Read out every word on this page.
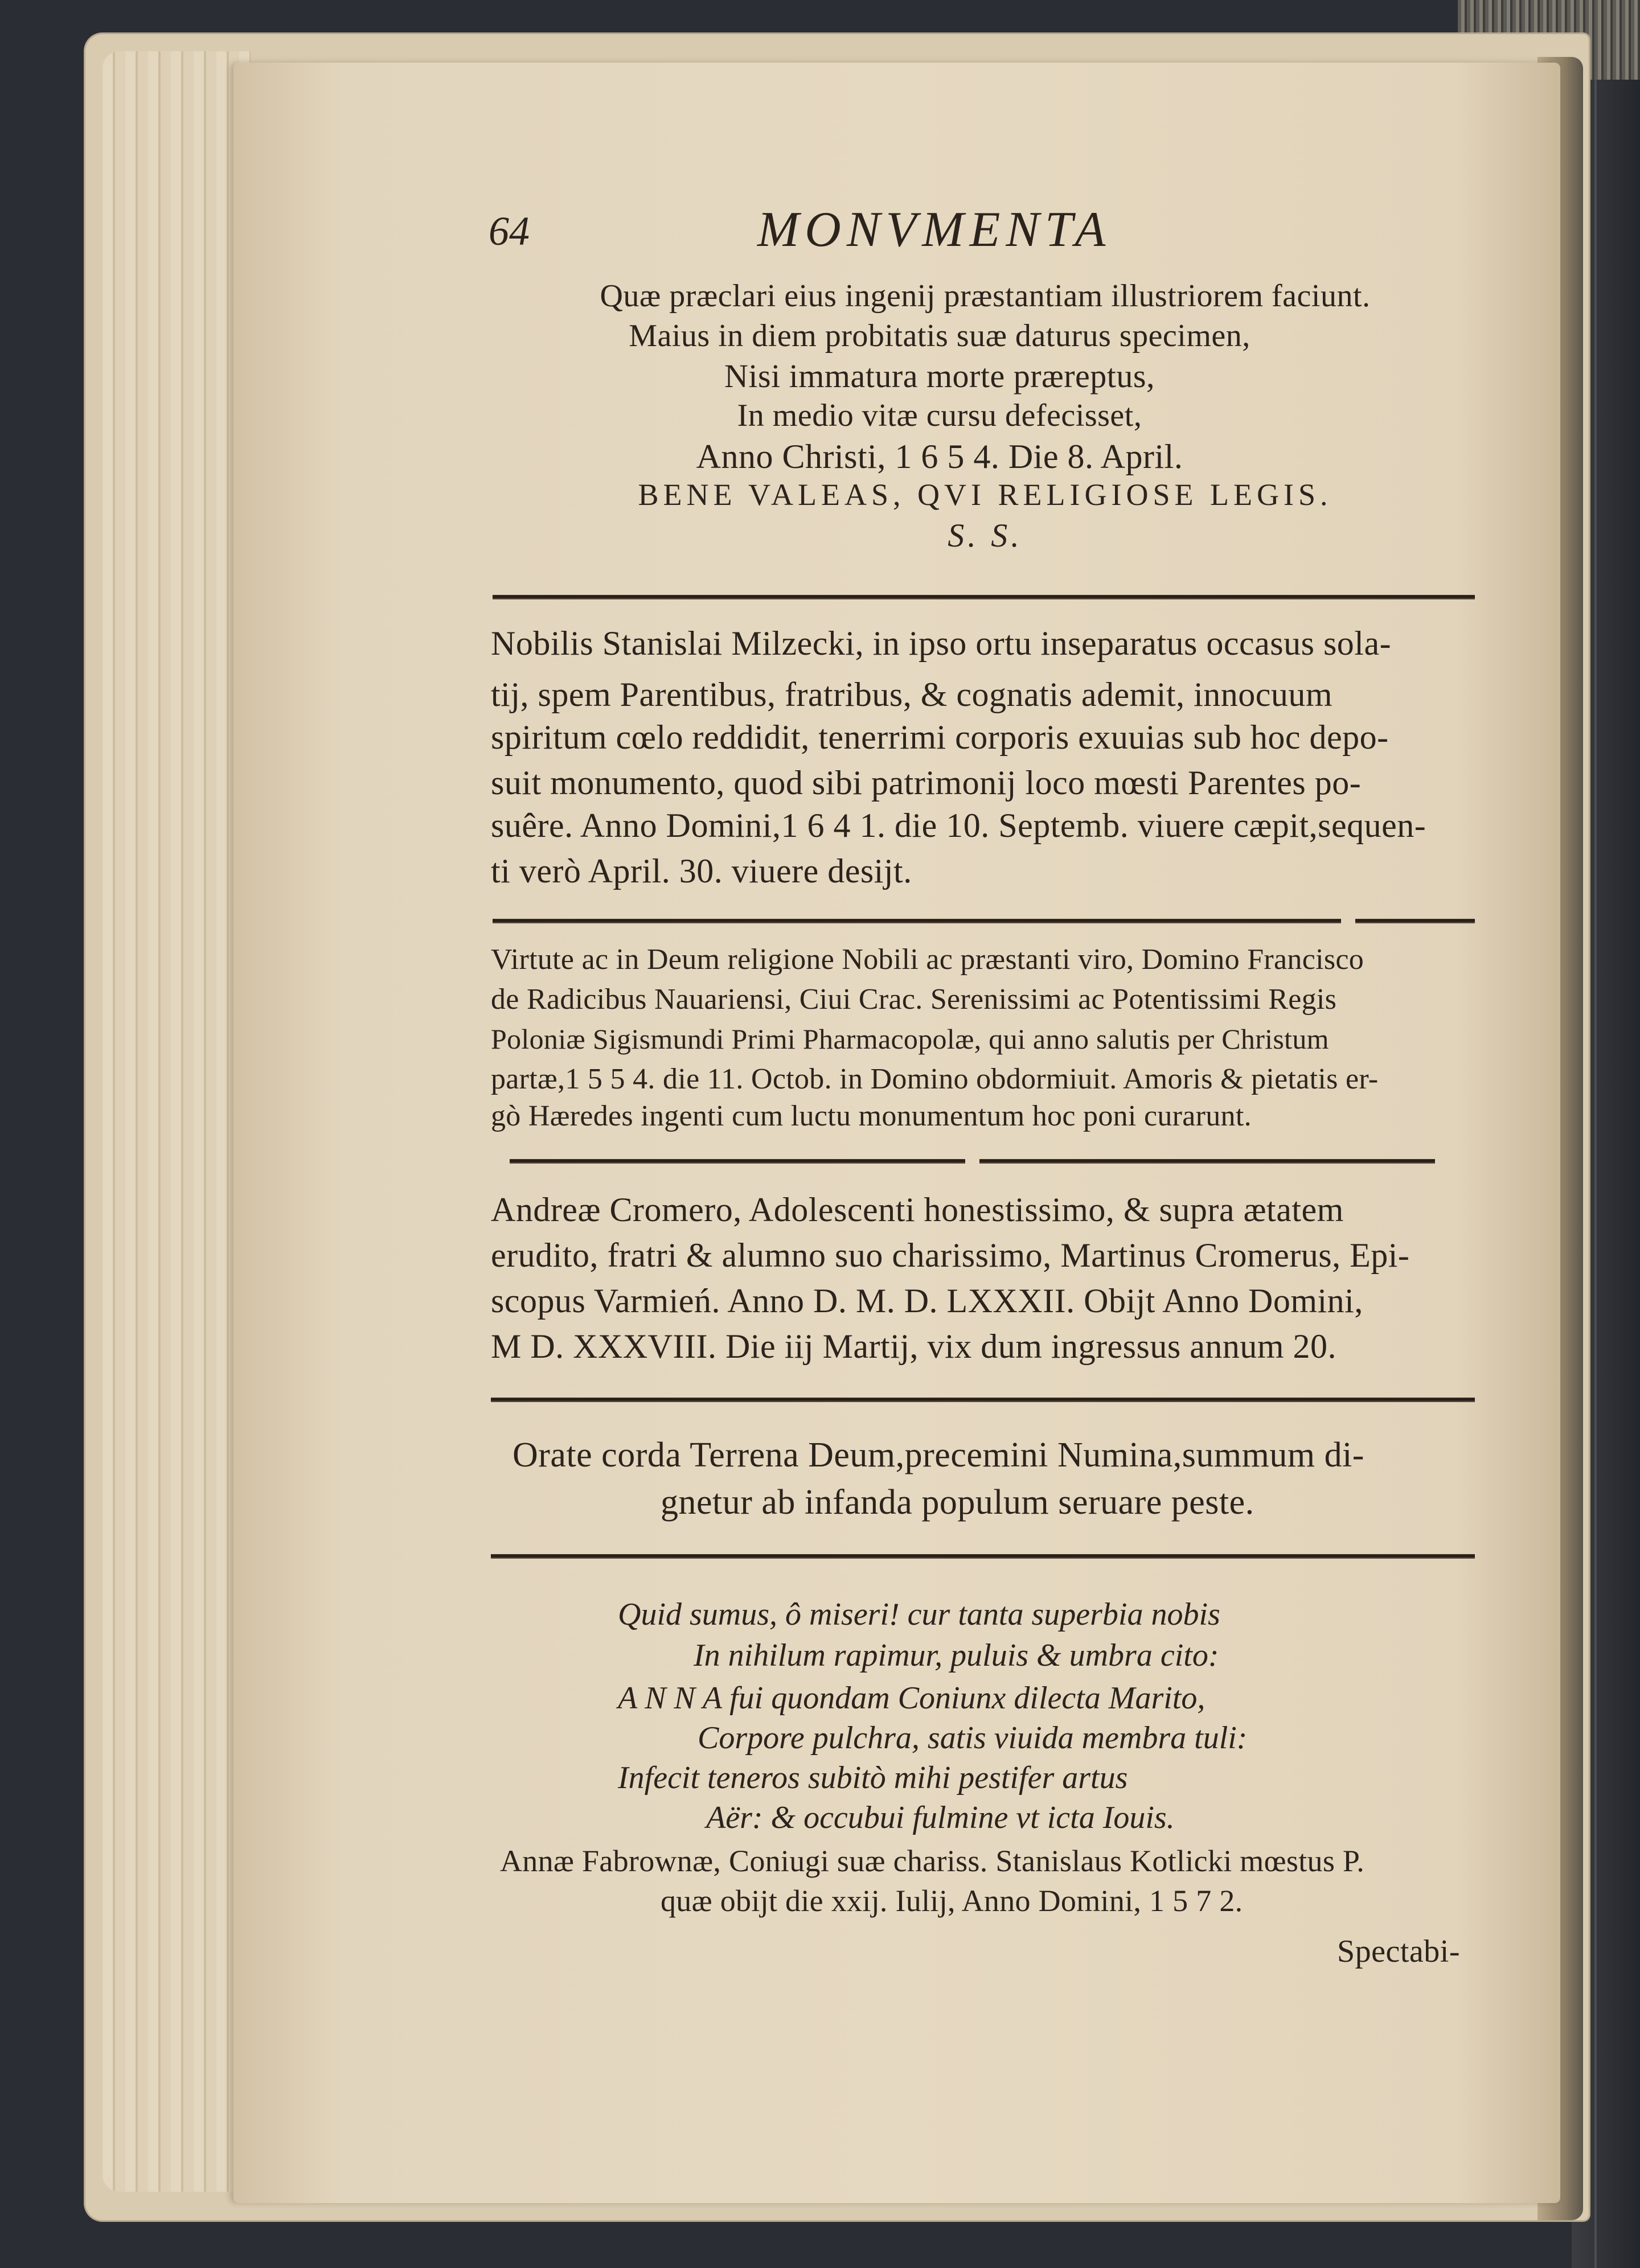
64	MONVMENTA
Quæ præclari eius ingenij præstantiam illustriorem faciunt.
Maius in diem probitatis suæ daturus specimen,
Nisi immatura morte præreptus,
In medio vitæ cursu defecisset,
Anno Christi, 1 6 5 4. Die 8. April.
BENE VALEAS, QVI RELIGIOSE LEGIS.
S. S.
Nobilis Stanislai Milzecki, in ipso ortu inseparatus occasus sola-
tij, spem Parentibus, fratribus, & cognatis ademit, innocuum
spiritum cœlo reddidit, tenerrimi corporis exuuias sub hoc depo-
suit monumento, quod sibi patrimonij loco mœsti Parentes po-
suêre. Anno Domini,1 6 4 1. die 10. Septemb. viuere cæpit,sequen-
ti verò April. 30. viuere desijt.
Virtute ac in Deum religione Nobili ac præstanti viro, Domino Francisco
de Radicibus Nauariensi, Ciui Crac. Serenissimi ac Potentissimi Regis
Poloniæ Sigismundi Primi Pharmacopolæ, qui anno salutis per Christum
partæ,1 5 5 4. die 11. Octob. in Domino obdormiuit. Amoris & pietatis er-
gò Hæredes ingenti cum luctu monumentum hoc poni curarunt.
Andreæ Cromero, Adolescenti honestissimo, & supra ætatem
erudito, fratri & alumno suo charissimo, Martinus Cromerus, Epi-
scopus Varmień. Anno D. M. D. LXXXII. Obijt Anno Domini,
M D. XXXVIII. Die iij Martij, vix dum ingressus annum 20.
Orate corda Terrena Deum,precemini Numina,summum di-
gnetur ab infanda populum seruare peste.
Quid sumus, ô miseri! cur tanta superbia nobis
In nihilum rapimur, puluis & umbra cito:
A N N A fui quondam Coniunx dilecta Marito,
Corpore pulchra, satis viuida membra tuli:
Infecit teneros subitò mihi pestifer artus
Aër: & occubui fulmine vt icta Iouis.
Annæ Fabrownæ, Coniugi suæ chariss. Stanislaus Kotlicki mœstus P.
quæ obijt die xxij. Iulij, Anno Domini, 1 5 7 2.
Spectabi-
